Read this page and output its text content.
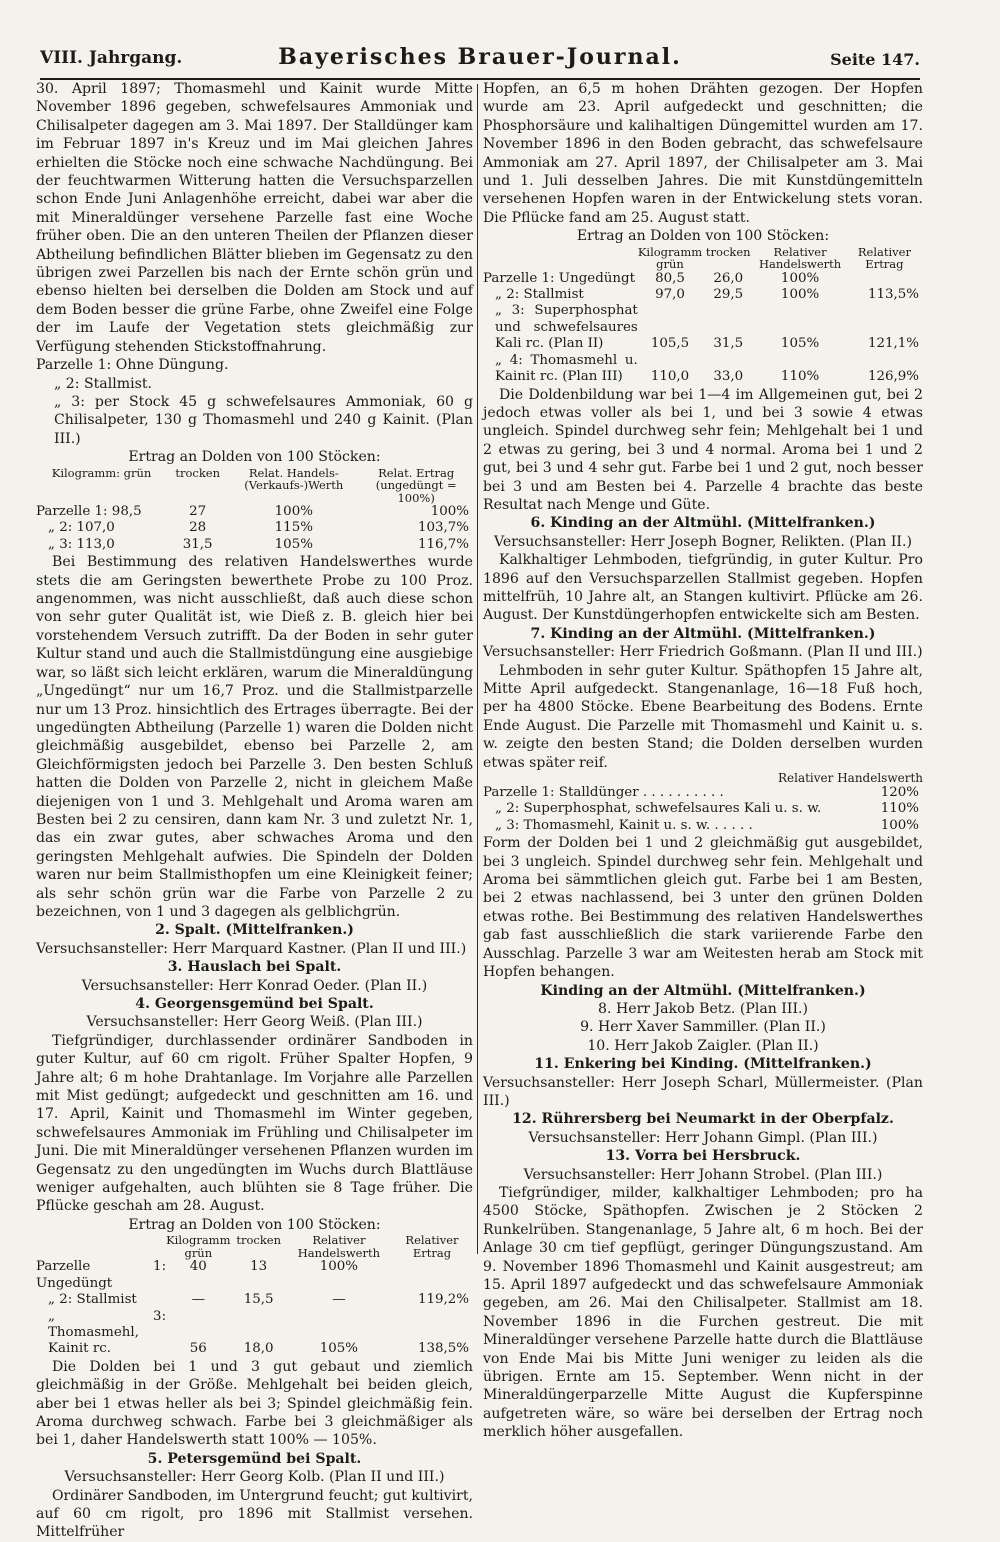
VIII. Jahrgang.	Bayerisches Brauer-Journal.	Seite 147.

30. April 1897; Thomasmehl und Kainit wurde Mitte November 1896 gegeben, schwefelsaures Ammoniak und Chilisalpeter dagegen am 3. Mai 1897. Der Stalldünger kam im Februar 1897 in's Kreuz und im Mai gleichen Jahres erhielten die Stöcke noch eine schwache Nachdüngung. Bei der feuchtwarmen Witterung hatten die Versuchsparzellen schon Ende Juni Anlagenhöhe erreicht, dabei war aber die mit Mineraldünger versehene Parzelle fast eine Woche früher oben. Die an den unteren Theilen der Pflanzen dieser Abtheilung befindlichen Blätter blieben im Gegensatz zu den übrigen zwei Parzellen bis nach der Ernte schön grün und ebenso hielten bei derselben die Dolden am Stock und auf dem Boden besser die grüne Farbe, ohne Zweifel eine Folge der im Laufe der Vegetation stets gleichmäßig zur Verfügung stehenden Stickstoffnahrung.

Parzelle 1: Ohne Düngung.

„ 2: Stallmist.

„ 3: per Stock 45 g schwefelsaures Ammoniak, 60 g Chilisalpeter, 130 g Thomasmehl und 240 g Kainit. (Plan III.)

Ertrag an Dolden von 100 Stöcken:

Kilogramm: grün	trocken	Relat. Handels-(Verkaufs-)Werth	Relat. Ertrag (ungedüngt = 100%)
Parzelle 1: 98,5	27	100%	100%
„ 2: 107,0	28	115%	103,7%
„ 3: 113,0	31,5	105%	116,7%

Bei Bestimmung des relativen Handelswerthes wurde stets die am Geringsten bewerthete Probe zu 100 Proz. angenommen, was nicht ausschließt, daß auch diese schon von sehr guter Qualität ist, wie Dieß z. B. gleich hier bei vorstehendem Versuch zutrifft. Da der Boden in sehr guter Kultur stand und auch die Stallmistdüngung eine ausgiebige war, so läßt sich leicht erklären, warum die Mineraldüngung „Ungedüngt“ nur um 16,7 Proz. und die Stallmistparzelle nur um 13 Proz. hinsichtlich des Ertrages überragte. Bei der ungedüngten Abtheilung (Parzelle 1) waren die Dolden nicht gleichmäßig ausgebildet, ebenso bei Parzelle 2, am Gleichförmigsten jedoch bei Parzelle 3. Den besten Schluß hatten die Dolden von Parzelle 2, nicht in gleichem Maße diejenigen von 1 und 3. Mehlgehalt und Aroma waren am Besten bei 2 zu censiren, dann kam Nr. 3 und zuletzt Nr. 1, das ein zwar gutes, aber schwaches Aroma und den geringsten Mehlgehalt aufwies. Die Spindeln der Dolden waren nur beim Stallmisthopfen um eine Kleinigkeit feiner; als sehr schön grün war die Farbe von Parzelle 2 zu bezeichnen, von 1 und 3 dagegen als gelblichgrün.

2. Spalt. (Mittelfranken.)

Versuchsansteller: Herr Marquard Kastner. (Plan II und III.)

3. Hauslach bei Spalt.

Versuchsansteller: Herr Konrad Oeder. (Plan II.)

4. Georgensgemünd bei Spalt.

Versuchsansteller: Herr Georg Weiß. (Plan III.)

Tiefgründiger, durchlassender ordinärer Sandboden in guter Kultur, auf 60 cm rigolt. Früher Spalter Hopfen, 9 Jahre alt; 6 m hohe Drahtanlage. Im Vorjahre alle Parzellen mit Mist gedüngt; aufgedeckt und geschnitten am 16. und 17. April, Kainit und Thomasmehl im Winter gegeben, schwefelsaures Ammoniak im Frühling und Chilisalpeter im Juni. Die mit Mineraldünger versehenen Pflanzen wurden im Gegensatz zu den ungedüngten im Wuchs durch Blattläuse weniger aufgehalten, auch blühten sie 8 Tage früher. Die Pflücke geschah am 28. August.

Ertrag an Dolden von 100 Stöcken:

	Kilogramm grün	trocken	Relativer Handelswerth	Relativer Ertrag
Parzelle 1: Ungedüngt	40	13	100%	
„ 2: Stallmist	—	15,5	—	119,2%
„ 3: Thomasmehl, Kainit rc.	56	18,0	105%	138,5%

Die Dolden bei 1 und 3 gut gebaut und ziemlich gleichmäßig in der Größe. Mehlgehalt bei beiden gleich, aber bei 1 etwas heller als bei 3; Spindel gleichmäßig fein. Aroma durchweg schwach. Farbe bei 3 gleichmäßiger als bei 1, daher Handelswerth statt 100% — 105%.

5. Petersgemünd bei Spalt.

Versuchsansteller: Herr Georg Kolb. (Plan II und III.)

Ordinärer Sandboden, im Untergrund feucht; gut kultivirt, auf 60 cm rigolt, pro 1896 mit Stallmist versehen. Mittelfrüher

Hopfen, an 6,5 m hohen Drähten gezogen. Der Hopfen wurde am 23. April aufgedeckt und geschnitten; die Phosphorsäure und kalihaltigen Düngemittel wurden am 17. November 1896 in den Boden gebracht, das schwefelsaure Ammoniak am 27. April 1897, der Chilisalpeter am 3. Mai und 1. Juli desselben Jahres. Die mit Kunstdüngemitteln versehenen Hopfen waren in der Entwickelung stets voran. Die Pflücke fand am 25. August statt.

Ertrag an Dolden von 100 Stöcken:

	Kilogramm grün	trocken	Relativer Handelswerth	Relativer Ertrag
Parzelle 1: Ungedüngt	80,5	26,0	100%	
„ 2: Stallmist	97,0	29,5	100%	113,5%
„ 3: Superphosphat und schwefelsaures Kali rc. (Plan II)	105,5	31,5	105%	121,1%
„ 4: Thomasmehl u. Kainit rc. (Plan III)	110,0	33,0	110%	126,9%

Die Doldenbildung war bei 1—4 im Allgemeinen gut, bei 2 jedoch etwas voller als bei 1, und bei 3 sowie 4 etwas ungleich. Spindel durchweg sehr fein; Mehlgehalt bei 1 und 2 etwas zu gering, bei 3 und 4 normal. Aroma bei 1 und 2 gut, bei 3 und 4 sehr gut. Farbe bei 1 und 2 gut, noch besser bei 3 und am Besten bei 4. Parzelle 4 brachte das beste Resultat nach Menge und Güte.

6. Kinding an der Altmühl. (Mittelfranken.)

Versuchsansteller: Herr Joseph Bogner, Relikten. (Plan II.)

Kalkhaltiger Lehmboden, tiefgründig, in guter Kultur. Pro 1896 auf den Versuchsparzellen Stallmist gegeben. Hopfen mittelfrüh, 10 Jahre alt, an Stangen kultivirt. Pflücke am 26. August. Der Kunstdüngerhopfen entwickelte sich am Besten.

7. Kinding an der Altmühl. (Mittelfranken.)

Versuchsansteller: Herr Friedrich Goßmann. (Plan II und III.)

Lehmboden in sehr guter Kultur. Späthopfen 15 Jahre alt, Mitte April aufgedeckt. Stangenanlage, 16—18 Fuß hoch, per ha 4800 Stöcke. Ebene Bearbeitung des Bodens. Ernte Ende August. Die Parzelle mit Thomasmehl und Kainit u. s. w. zeigte den besten Stand; die Dolden derselben wurden etwas später reif.

Relativer Handelswerth

Parzelle 1: Stalldünger . . . . . . . . . .	120%
„ 2: Superphosphat, schwefelsaures Kali u. s. w.	110%
„ 3: Thomasmehl, Kainit u. s. w. . . . . .	100%

Form der Dolden bei 1 und 2 gleichmäßig gut ausgebildet, bei 3 ungleich. Spindel durchweg sehr fein. Mehlgehalt und Aroma bei sämmtlichen gleich gut. Farbe bei 1 am Besten, bei 2 etwas nachlassend, bei 3 unter den grünen Dolden etwas rothe. Bei Bestimmung des relativen Handelswerthes gab fast ausschließlich die stark variierende Farbe den Ausschlag. Parzelle 3 war am Weitesten herab am Stock mit Hopfen behangen.

Kinding an der Altmühl. (Mittelfranken.)

8. Herr Jakob Betz. (Plan III.)

9. Herr Xaver Sammiller. (Plan II.)

10. Herr Jakob Zaigler. (Plan II.)

11. Enkering bei Kinding. (Mittelfranken.)

Versuchsansteller: Herr Joseph Scharl, Müllermeister. (Plan III.)

12. Rührersberg bei Neumarkt in der Oberpfalz.

Versuchsansteller: Herr Johann Gimpl. (Plan III.)

13. Vorra bei Hersbruck.

Versuchsansteller: Herr Johann Strobel. (Plan III.)

Tiefgründiger, milder, kalkhaltiger Lehmboden; pro ha 4500 Stöcke, Späthopfen. Zwischen je 2 Stöcken 2 Runkelrüben. Stangenanlage, 5 Jahre alt, 6 m hoch. Bei der Anlage 30 cm tief gepflügt, geringer Düngungszustand. Am 9. November 1896 Thomasmehl und Kainit ausgestreut; am 15. April 1897 aufgedeckt und das schwefelsaure Ammoniak gegeben, am 26. Mai den Chilisalpeter. Stallmist am 18. November 1896 in die Furchen gestreut. Die mit Mineraldünger versehene Parzelle hatte durch die Blattläuse von Ende Mai bis Mitte Juni weniger zu leiden als die übrigen. Ernte am 15. September. Wenn nicht in der Mineraldüngerparzelle Mitte August die Kupferspinne aufgetreten wäre, so wäre bei derselben der Ertrag noch merklich höher ausgefallen.
